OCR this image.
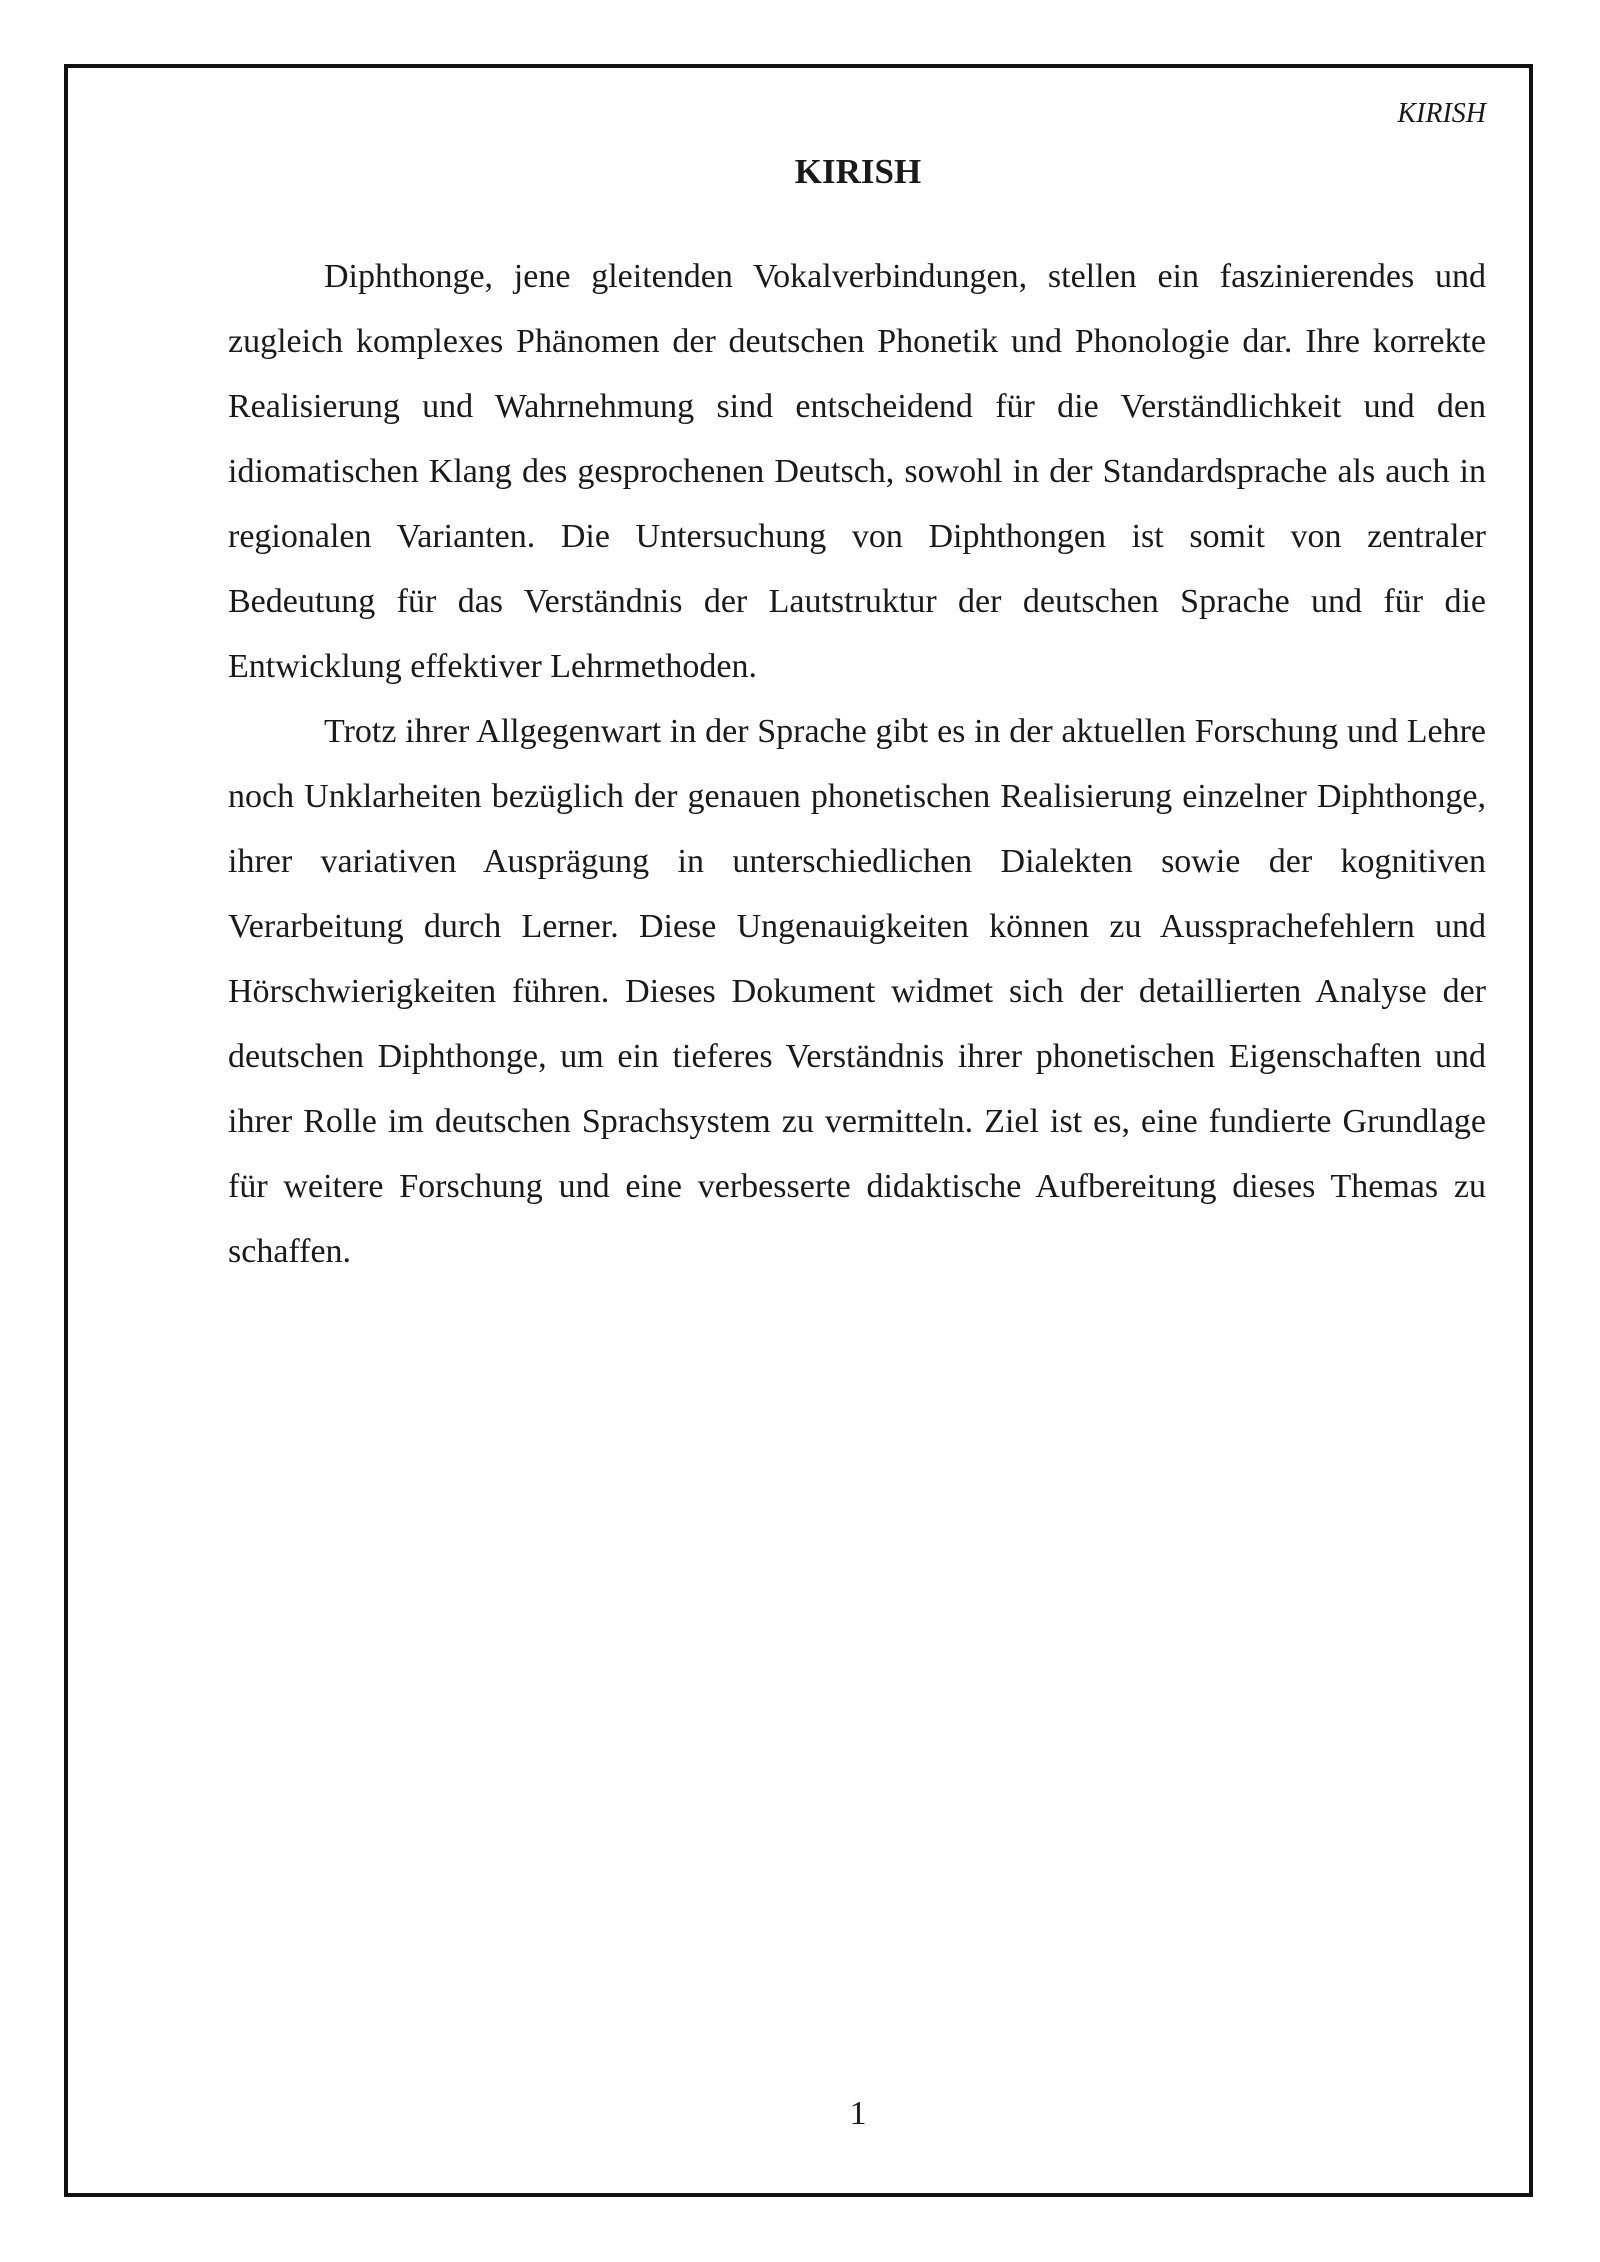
KIRISH
KIRISH

Diphthonge, jene gleitenden Vokalverbindungen, stellen ein faszinierendes und zugleich komplexes Phänomen der deutschen Phonetik und Phonologie dar. Ihre korrekte Realisierung und Wahrnehmung sind entscheidend für die Verständlichkeit und den idiomatischen Klang des gesprochenen Deutsch, sowohl in der Standardsprache als auch in regionalen Varianten. Die Untersuchung von Diphthongen ist somit von zentraler Bedeutung für das Verständnis der Lautstruktur der deutschen Sprache und für die Entwicklung effektiver Lehrmethoden.

Trotz ihrer Allgegenwart in der Sprache gibt es in der aktuellen Forschung und Lehre noch Unklarheiten bezüglich der genauen phonetischen Realisierung einzelner Diphthonge, ihrer variativen Ausprägung in unterschiedlichen Dialekten sowie der kognitiven Verarbeitung durch Lerner. Diese Ungenauigkeiten können zu Aussprachefehlern und Hörschwierigkeiten führen. Dieses Dokument widmet sich der detaillierten Analyse der deutschen Diphthonge, um ein tieferes Verständnis ihrer phonetischen Eigenschaften und ihrer Rolle im deutschen Sprachsystem zu vermitteln. Ziel ist es, eine fundierte Grundlage für weitere Forschung und eine verbesserte didaktische Aufbereitung dieses Themas zu schaffen.

1
